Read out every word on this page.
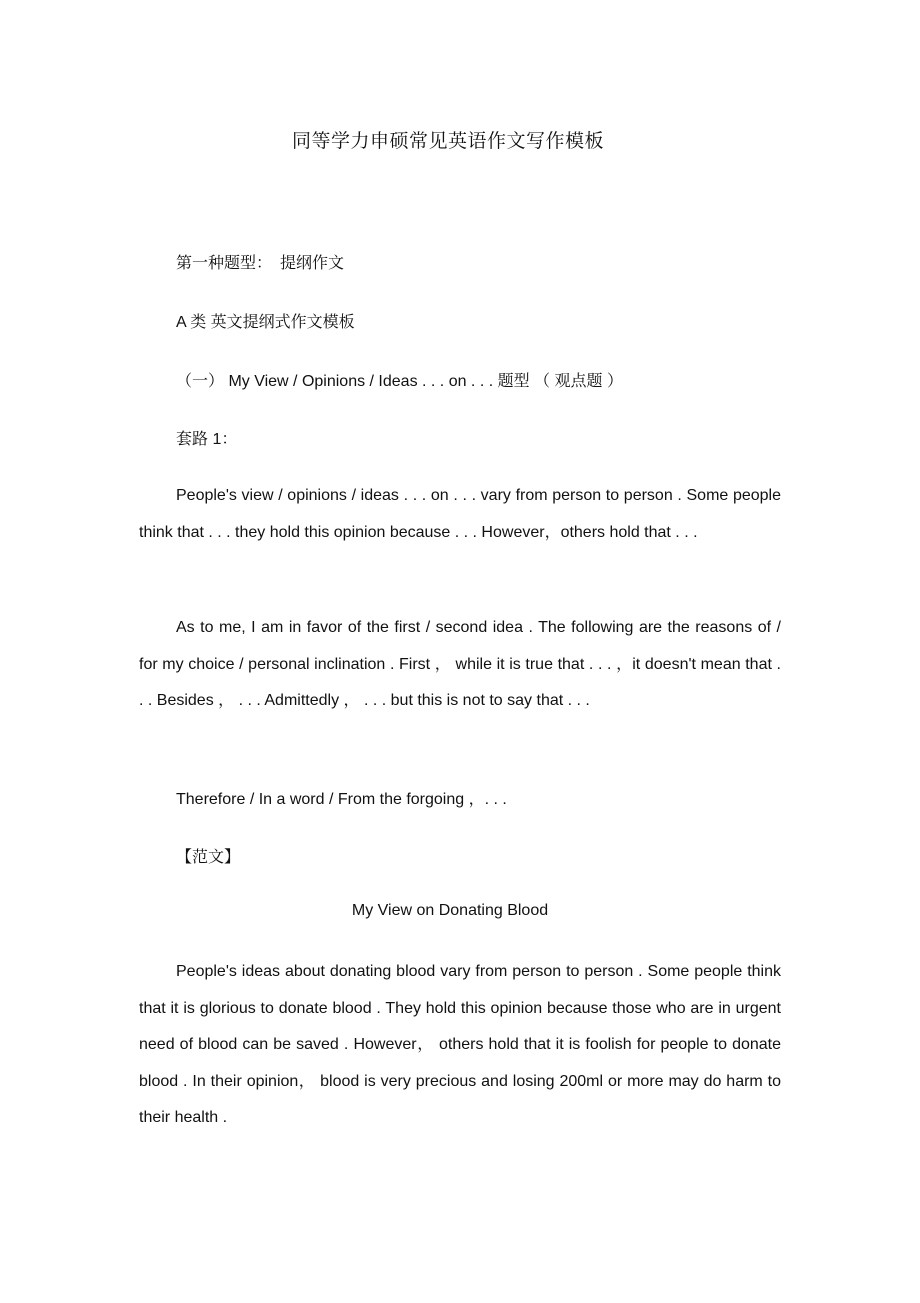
同等学力申硕常见英语作文写作模板
第一种题型：　提纲作文
A 类 英文提纲式作文模板
（一） My View / Opinions / Ideas . . . on . . . 题型 （ 观点题 ）
套路 1：

People's view / opinions / ideas . . . on . . . vary from person to person . Some people think that . . . they hold this opinion because . . . However，others hold that . . .

As to me, I am in favor of the first / second idea . The following are the reasons of / for my choice / personal inclination . First ， while it is true that . . . ，it doesn't mean that . . . Besides ， . . . Admittedly ， . . . but this is not to say that . . .

Therefore / In a word / From the forgoing ，. . .
【范文】
My View on Donating Blood

People's ideas about donating blood vary from person to person . Some people think that it is glorious to donate blood . They hold this opinion because those who are in urgent need of blood can be saved . However， others hold that it is foolish for people to donate blood . In their opinion， blood is very precious and losing 200ml or more may do harm to their health .
